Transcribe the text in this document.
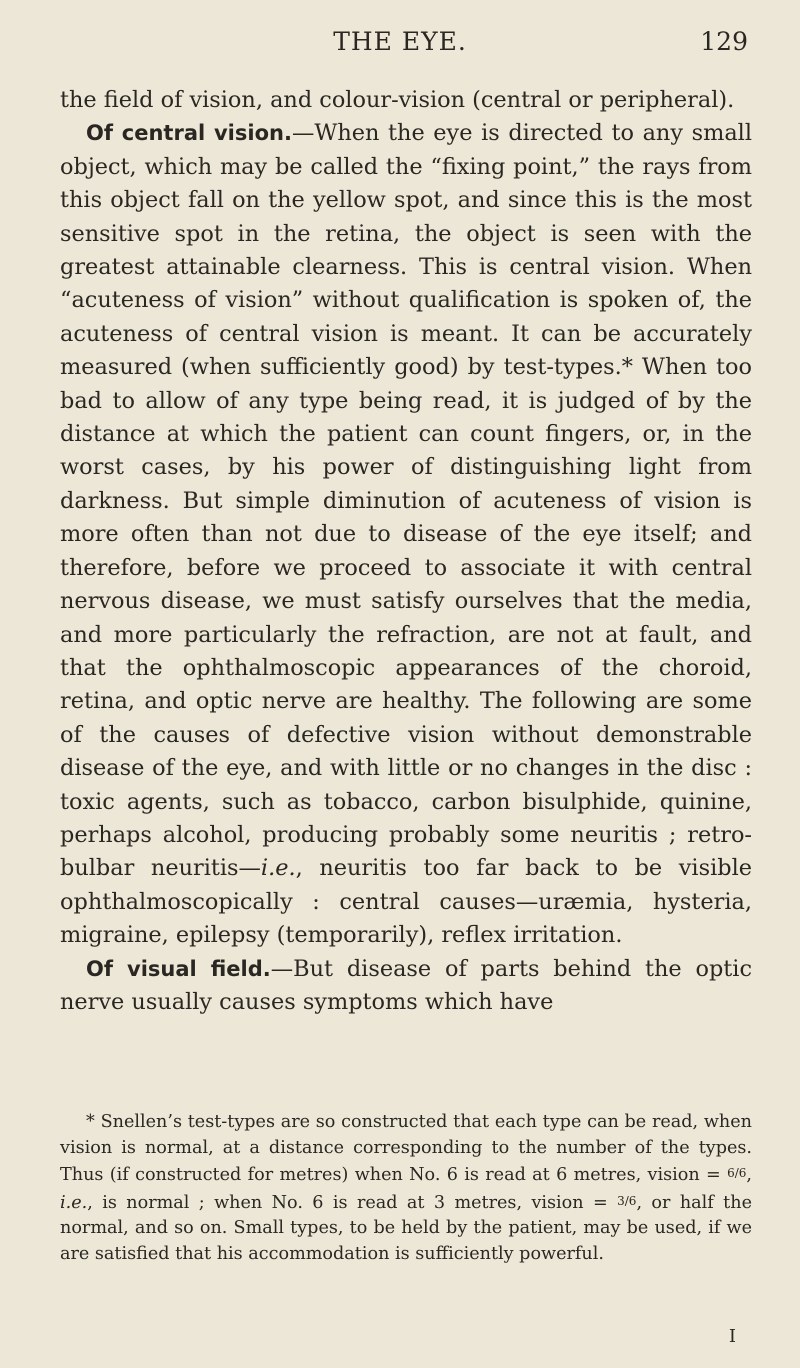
THE EYE.	129

the field of vision, and colour-vision (central or peripheral).

Of central vision.—When the eye is directed to any small object, which may be called the “fixing point,” the rays from this object fall on the yellow spot, and since this is the most sensitive spot in the retina, the object is seen with the greatest attainable clearness. This is central vision. When “acuteness of vision” without qualification is spoken of, the acuteness of central vision is meant. It can be accurately measured (when sufficiently good) by test-types.* When too bad to allow of any type being read, it is judged of by the distance at which the patient can count fingers, or, in the worst cases, by his power of distinguishing light from darkness. But simple diminution of acuteness of vision is more often than not due to disease of the eye itself; and therefore, before we proceed to associate it with central nervous disease, we must satisfy ourselves that the media, and more particularly the refraction, are not at fault, and that the ophthalmoscopic appearances of the choroid, retina, and optic nerve are healthy. The following are some of the causes of defective vision without demonstrable disease of the eye, and with little or no changes in the disc : toxic agents, such as tobacco, carbon bisulphide, quinine, perhaps alcohol, producing probably some neuritis ; retro-bulbar neuritis—i.e., neuritis too far back to be visible ophthalmoscopically : central causes—uræmia, hysteria, migraine, epilepsy (temporarily), reflex irritation.

Of visual field.—But disease of parts behind the optic nerve usually causes symptoms which have

* Snellen’s test-types are so constructed that each type can be read, when vision is normal, at a distance corresponding to the number of the types. Thus (if constructed for metres) when No. 6 is read at 6 metres, vision = 6/6, i.e., is normal ; when No. 6 is read at 3 metres, vision = 3/6, or half the normal, and so on. Small types, to be held by the patient, may be used, if we are satisfied that his accommodation is sufficiently powerful.

I
